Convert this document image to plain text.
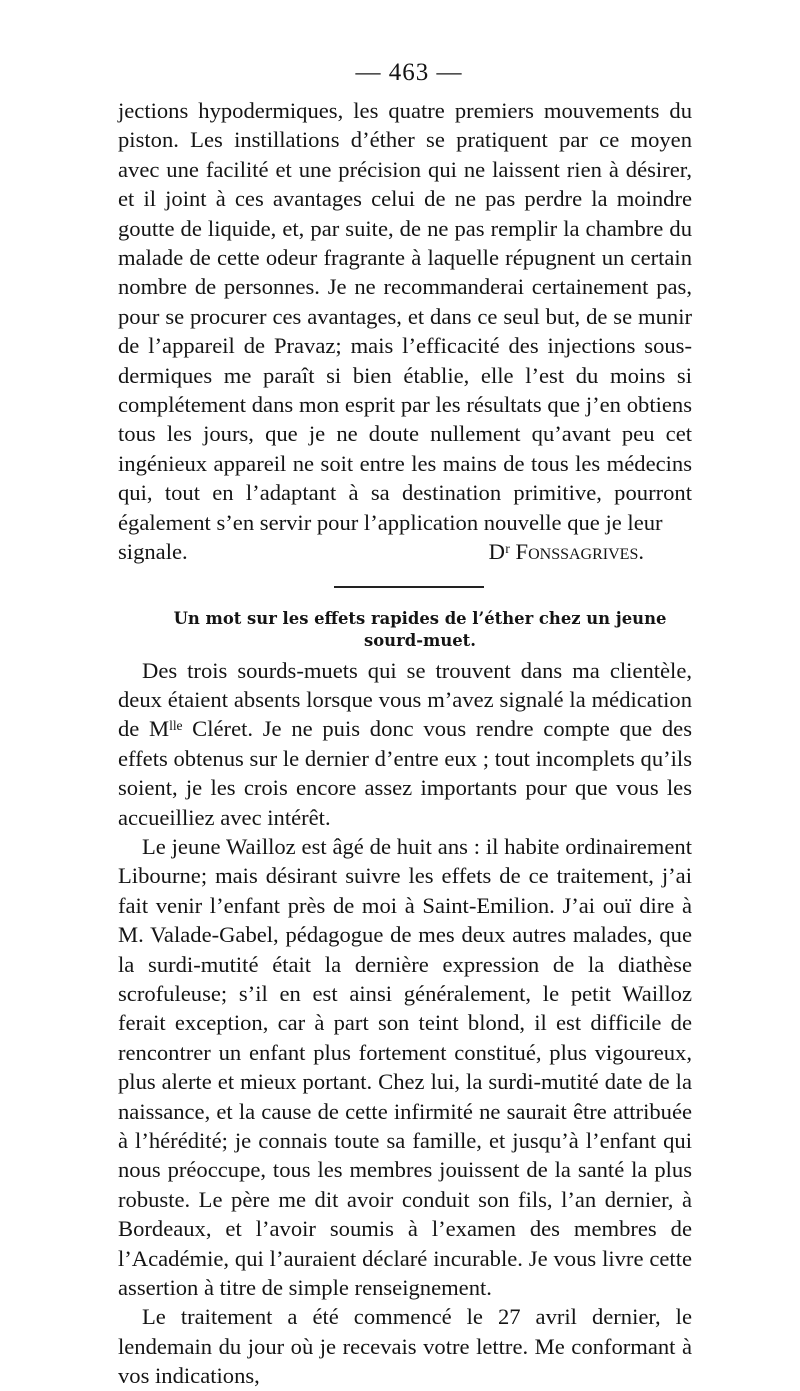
— 463 —

jections hypodermiques, les quatre premiers mouvements du piston. Les instillations d’éther se pratiquent par ce moyen avec une facilité et une précision qui ne laissent rien à désirer, et il joint à ces avantages celui de ne pas perdre la moindre goutte de liquide, et, par suite, de ne pas remplir la chambre du malade de cette odeur fragrante à laquelle répugnent un certain nombre de personnes. Je ne recommanderai certainement pas, pour se procurer ces avantages, et dans ce seul but, de se munir de l’appareil de Pravaz; mais l’efficacité des injections sous-dermiques me paraît si bien établie, elle l’est du moins si complétement dans mon esprit par les résultats que j’en obtiens tous les jours, que je ne doute nullement qu’avant peu cet ingénieux appareil ne soit entre les mains de tous les médecins qui, tout en l’adaptant à sa destination primitive, pourront également s’en servir pour l’application nouvelle que je leur

signale.	Dʳ Fonssagrives.
Un mot sur les effets rapides de l’éther chez un jeune
sourd-muet.

Des trois sourds-muets qui se trouvent dans ma clientèle, deux étaient absents lorsque vous m’avez signalé la médication de Mˡˡᵉ Cléret. Je ne puis donc vous rendre compte que des effets obtenus sur le dernier d’entre eux ; tout incomplets qu’ils soient, je les crois encore assez importants pour que vous les accueilliez avec intérêt.

Le jeune Wailloz est âgé de huit ans : il habite ordinairement Libourne; mais désirant suivre les effets de ce traitement, j’ai fait venir l’enfant près de moi à Saint-Emilion. J’ai ouï dire à M. Valade-Gabel, pédagogue de mes deux autres malades, que la surdi-mutité était la dernière expression de la diathèse scrofuleuse; s’il en est ainsi généralement, le petit Wailloz ferait exception, car à part son teint blond, il est difficile de rencontrer un enfant plus fortement constitué, plus vigoureux, plus alerte et mieux portant. Chez lui, la surdi-mutité date de la naissance, et la cause de cette infirmité ne saurait être attribuée à l’hérédité; je connais toute sa famille, et jusqu’à l’enfant qui nous préoccupe, tous les membres jouissent de la santé la plus robuste. Le père me dit avoir conduit son fils, l’an dernier, à Bordeaux, et l’avoir soumis à l’examen des membres de l’Académie, qui l’auraient déclaré incurable. Je vous livre cette assertion à titre de simple renseignement.

Le traitement a été commencé le 27 avril dernier, le lendemain du jour où je recevais votre lettre. Me conformant à vos indications,
